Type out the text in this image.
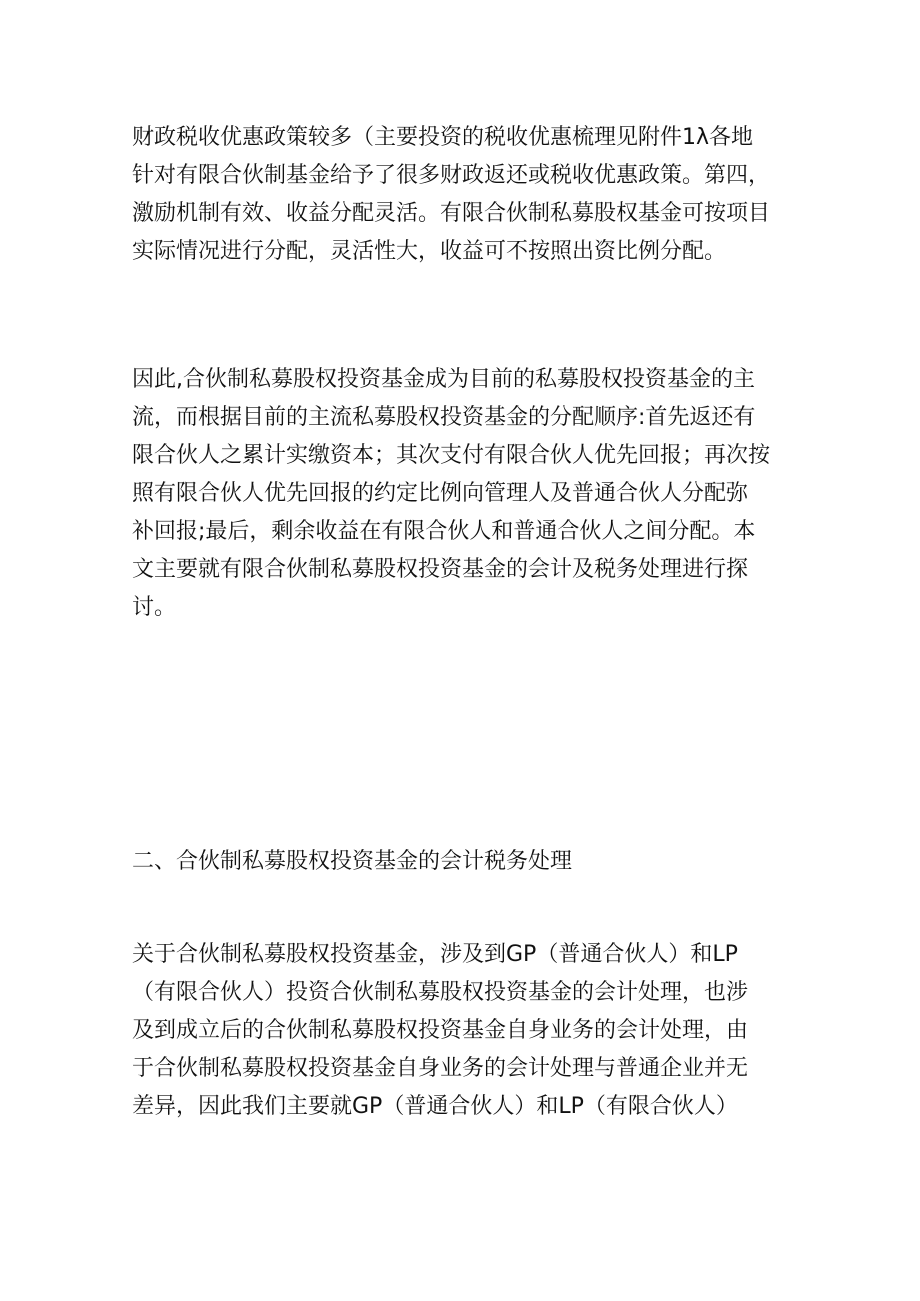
财政税收优惠政策较多（主要投资的税收优惠梳理见附件1λ各地
针对有限合伙制基金给予了很多财政返还或税收优惠政策。第四，
激励机制有效、收益分配灵活。有限合伙制私募股权基金可按项目
实际情况进行分配，灵活性大，收益可不按照出资比例分配。
因此,合伙制私募股权投资基金成为目前的私募股权投资基金的主
流，而根据目前的主流私募股权投资基金的分配顺序:首先返还有
限合伙人之累计实缴资本；其次支付有限合伙人优先回报；再次按
照有限合伙人优先回报的约定比例向管理人及普通合伙人分配弥
补回报;最后，剩余收益在有限合伙人和普通合伙人之间分配。本
文主要就有限合伙制私募股权投资基金的会计及税务处理进行探
讨。
二、合伙制私募股权投资基金的会计税务处理
关于合伙制私募股权投资基金，涉及到GP（普通合伙人）和LP
（有限合伙人）投资合伙制私募股权投资基金的会计处理，也涉
及到成立后的合伙制私募股权投资基金自身业务的会计处理，由
于合伙制私募股权投资基金自身业务的会计处理与普通企业并无
差异，因此我们主要就GP（普通合伙人）和LP（有限合伙人）
